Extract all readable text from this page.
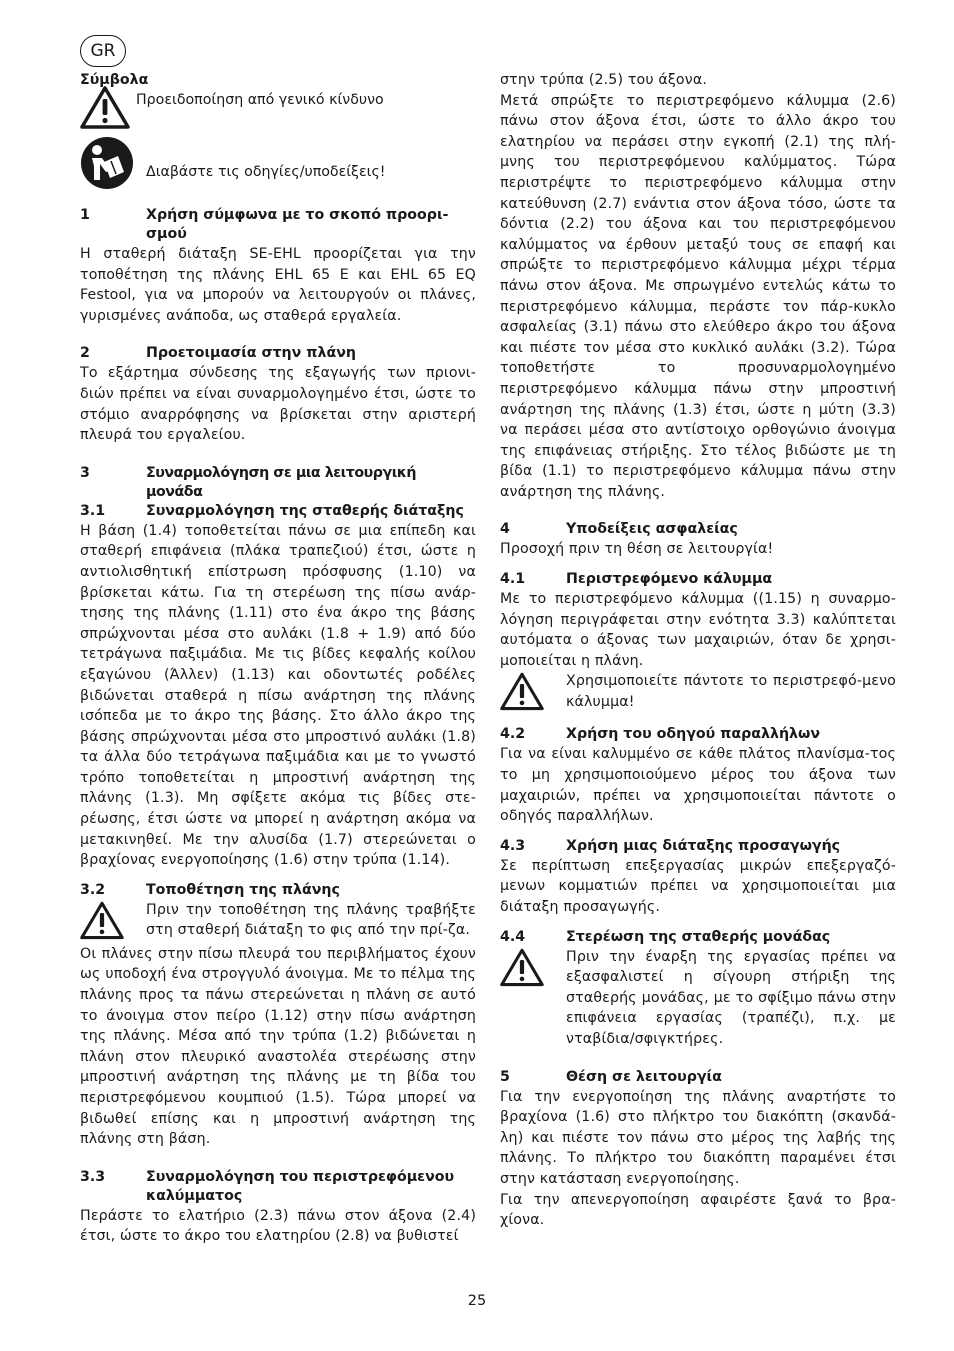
GR
Σύμβολα
Προειδοποίηση από γενικό κίνδυνο
Διαβάστε τις οδηγίες/υποδείξεις!
1	Χρήση σύμφωνα με το σκοπό προορι-σμού

Η σταθερή διάταξη SE-EHL προορίζεται για την τοποθέτηση της πλάνης EHL 65 E και EHL 65 EQ Festool, για να μπορούν να λειτουργούν οι πλάνες, γυρισμένες ανάποδα, ως σταθερά εργαλεία.

2	Προετοιμασία στην πλάνη

Το εξάρτημα σύνδεσης της εξαγωγής των πριονι-διών πρέπει να είναι συναρμολογημένο έτσι, ώστε το στόμιο αναρρόφησης να βρίσκεται στην αριστερή πλευρά του εργαλείου.

3	Συναρμολόγηση σε μια λειτουργική μονάδα
3.1	Συναρμολόγηση της σταθερής διάταξης

Η βάση (1.4) τοποθετείται πάνω σε μια επίπεδη και σταθερή επιφάνεια (πλάκα τραπεζιού) έτσι, ώστε η αντιολισθητική επίστρωση πρόσφυσης (1.10) να βρίσκεται κάτω. Για τη στερέωση της πίσω ανάρ-τησης της πλάνης (1.11) στο ένα άκρο της βάσης σπρώχνονται μέσα στο αυλάκι (1.8 + 1.9) από δύο τετράγωνα παξιμάδια. Με τις βίδες κεφαλής κοίλου εξαγώνου (Άλλεν) (1.13) και οδοντωτές ροδέλες βιδώνεται σταθερά η πίσω ανάρτηση της πλάνης ισόπεδα με το άκρο της βάσης. Στο άλλο άκρο της βάσης σπρώχνονται μέσα στο μπροστινό αυλάκι (1.8) τα άλλα δύο τετράγωνα παξιμάδια και με το γνωστό τρόπο τοποθετείται η μπροστινή ανάρτηση της πλάνης (1.3). Μη σφίξετε ακόμα τις βίδες στε-ρέωσης, έτσι ώστε να μπορεί η ανάρτηση ακόμα να μετακινηθεί. Με την αλυσίδα (1.7) στερεώνεται ο βραχίονας ενεργοποίησης (1.6) στην τρύπα (1.14).

3.2	Τοποθέτηση της πλάνης
Πριν την τοποθέτηση της πλάνης τραβήξτε στη σταθερή διάταξη το φις από την πρί-ζα.

Οι πλάνες στην πίσω πλευρά του περιβλήματος έχουν ως υποδοχή ένα στρογγυλό άνοιγμα. Με το πέλμα της πλάνης προς τα πάνω στερεώνεται η πλάνη σε αυτό το άνοιγμα στον πείρο (1.12) στην πίσω ανάρτηση της πλάνης. Μέσα από την τρύπα (1.2) βιδώνεται η πλάνη στον πλευρικό αναστολέα στερέωσης στην μπροστινή ανάρτηση της πλάνης με τη βίδα του περιστρεφόμενου κουμπιού (1.5). Τώρα μπορεί να βιδωθεί επίσης και η μπροστινή ανάρτηση της πλάνης στη βάση.

3.3	Συναρμολόγηση του περιστρεφόμενου καλύμματος

Περάστε το ελατήριο (2.3) πάνω στον άξονα (2.4) έτσι, ώστε το άκρο του ελατηρίου (2.8) να βυθιστεί

στην τρύπα (2.5) του άξονα.
Μετά σπρώξτε το περιστρεφόμενο κάλυμμα (2.6) πάνω στον άξονα έτσι, ώστε το άλλο άκρο του ελατηρίου να περάσει στην εγκοπή (2.1) της πλή-μνης του περιστρεφόμενου καλύμματος. Τώρα περιστρέψτε το περιστρεφόμενο κάλυμμα στην κατεύθυνση (2.7) ενάντια στον άξονα τόσο, ώστε τα δόντια (2.2) του άξονα και του περιστρεφόμενου καλύμματος να έρθουν μεταξύ τους σε επαφή και σπρώξτε το περιστρεφόμενο κάλυμμα μέχρι τέρμα πάνω στον άξονα. Με σπρωγμένο εντελώς κάτω το περιστρεφόμενο κάλυμμα, περάστε τον πάρ-κυκλο ασφαλείας (3.1) πάνω στο ελεύθερο άκρο του άξονα και πιέστε τον μέσα στο κυκλικό αυλάκι (3.2). Τώρα τοποθετήστε το προσυναρμολογημένο περιστρεφόμενο κάλυμμα πάνω στην μπροστινή ανάρτηση της πλάνης (1.3) έτσι, ώστε η μύτη (3.3) να περάσει μέσα στο αντίστοιχο ορθογώνιο άνοιγμα της επιφάνειας στήριξης. Στο τέλος βιδώστε με τη βίδα (1.1) το περιστρεφόμενο κάλυμμα πάνω στην ανάρτηση της πλάνης.

4	Υποδείξεις ασφαλείας

Προσοχή πριν τη θέση σε λειτουργία!

4.1	Περιστρεφόμενο κάλυμμα

Με το περιστρεφόμενο κάλυμμα ((1.15) η συναρμο-λόγηση περιγράφεται στην ενότητα 3.3) καλύπτεται αυτόματα ο άξονας των μαχαιριών, όταν δε χρησι-μοποιείται η πλάνη.

Χρησιμοποιείτε πάντοτε το περιστρεφό-μενο κάλυμμα!
4.2	Χρήση του οδηγού παραλλήλων

Για να είναι καλυμμένο σε κάθε πλάτος πλανίσμα-τος το μη χρησιμοποιούμενο μέρος του άξονα των μαχαιριών, πρέπει να χρησιμοποιείται πάντοτε ο οδηγός παραλλήλων.

4.3	Χρήση μιας διάταξης προσαγωγής

Σε περίπτωση επεξεργασίας μικρών επεξεργαζό-μενων κομματιών πρέπει να χρησιμοποιείται μια διάταξη προσαγωγής.

4.4	Στερέωση της σταθερής μονάδας
Πριν την έναρξη της εργασίας πρέπει να εξασφαλιστεί η σίγουρη στήριξη της σταθερής μονάδας, με το σφίξιμο πάνω στην επιφάνεια εργασίας (τραπέζι), π.χ. με νταβίδια/σφιγκτήρες.
5	Θέση σε λειτουργία

Για την ενεργοποίηση της πλάνης αναρτήστε το βραχίονα (1.6) στο πλήκτρο του διακόπτη (σκανδά-λη) και πιέστε τον πάνω στο μέρος της λαβής της πλάνης. Το πλήκτρο του διακόπτη παραμένει έτσι στην κατάσταση ενεργοποίησης.
Για την απενεργοποίηση αφαιρέστε ξανά το βρα-χίονα.

25
